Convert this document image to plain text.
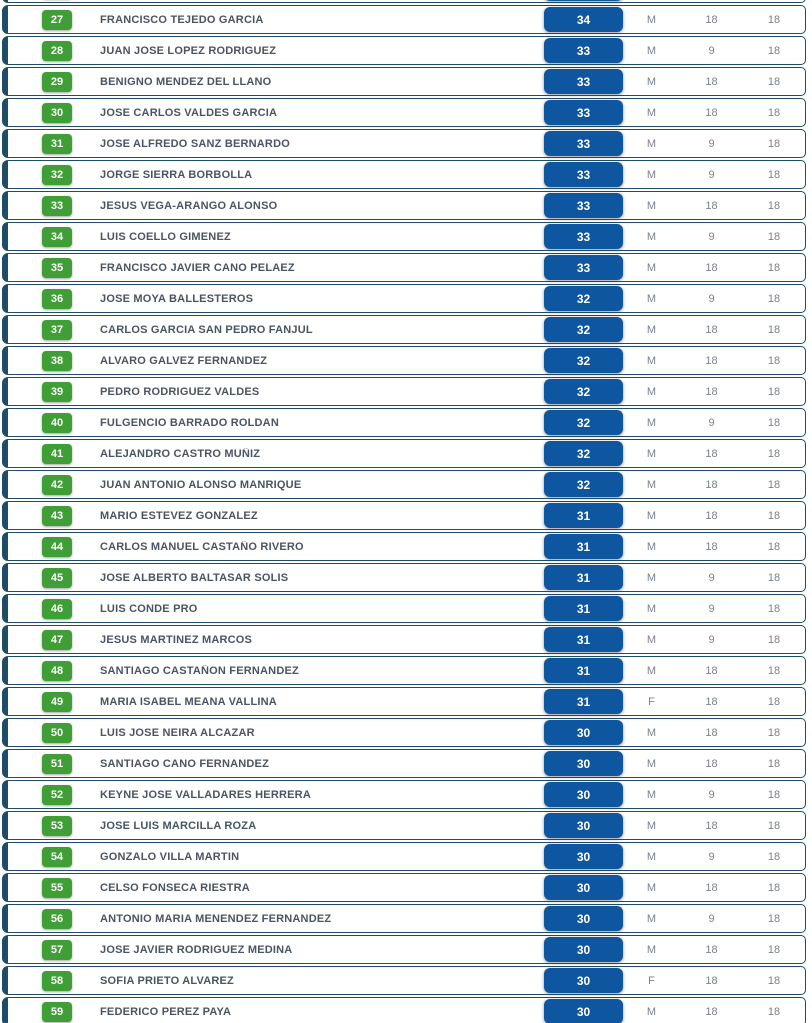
27	FRANCISCO TEJEDO GARCIA	34	M	18	18
28	JUAN JOSE LOPEZ RODRIGUEZ	33	M	9	18
29	BENIGNO MENDEZ DEL LLANO	33	M	18	18
30	JOSE CARLOS VALDES GARCIA	33	M	18	18
31	JOSE ALFREDO SANZ BERNARDO	33	M	9	18
32	JORGE SIERRA BORBOLLA	33	M	9	18
33	JESUS VEGA-ARANGO ALONSO	33	M	18	18
34	LUIS COELLO GIMENEZ	33	M	9	18
35	FRANCISCO JAVIER CANO PELAEZ	33	M	18	18
36	JOSE MOYA BALLESTEROS	32	M	9	18
37	CARLOS GARCIA SAN PEDRO FANJUL	32	M	18	18
38	ALVARO GALVEZ FERNANDEZ	32	M	18	18
39	PEDRO RODRIGUEZ VALDES	32	M	18	18
40	FULGENCIO BARRADO ROLDAN	32	M	9	18
41	ALEJANDRO CASTRO MUÑIZ	32	M	18	18
42	JUAN ANTONIO ALONSO MANRIQUE	32	M	18	18
43	MARIO ESTEVEZ GONZALEZ	31	M	18	18
44	CARLOS MANUEL CASTAÑO RIVERO	31	M	18	18
45	JOSE ALBERTO BALTASAR SOLIS	31	M	9	18
46	LUIS CONDE PRO	31	M	9	18
47	JESUS MARTINEZ MARCOS	31	M	9	18
48	SANTIAGO CASTAÑON FERNANDEZ	31	M	18	18
49	MARIA ISABEL MEANA VALLINA	31	F	18	18
50	LUIS JOSE NEIRA ALCAZAR	30	M	18	18
51	SANTIAGO CANO FERNANDEZ	30	M	18	18
52	KEYNE JOSE VALLADARES HERRERA	30	M	9	18
53	JOSE LUIS MARCILLA ROZA	30	M	18	18
54	GONZALO VILLA MARTIN	30	M	9	18
55	CELSO FONSECA RIESTRA	30	M	18	18
56	ANTONIO MARIA MENENDEZ FERNANDEZ	30	M	9	18
57	JOSE JAVIER RODRIGUEZ MEDINA	30	M	18	18
58	SOFIA PRIETO ALVAREZ	30	F	18	18
59	FEDERICO PEREZ PAYA	30	M	18	18
